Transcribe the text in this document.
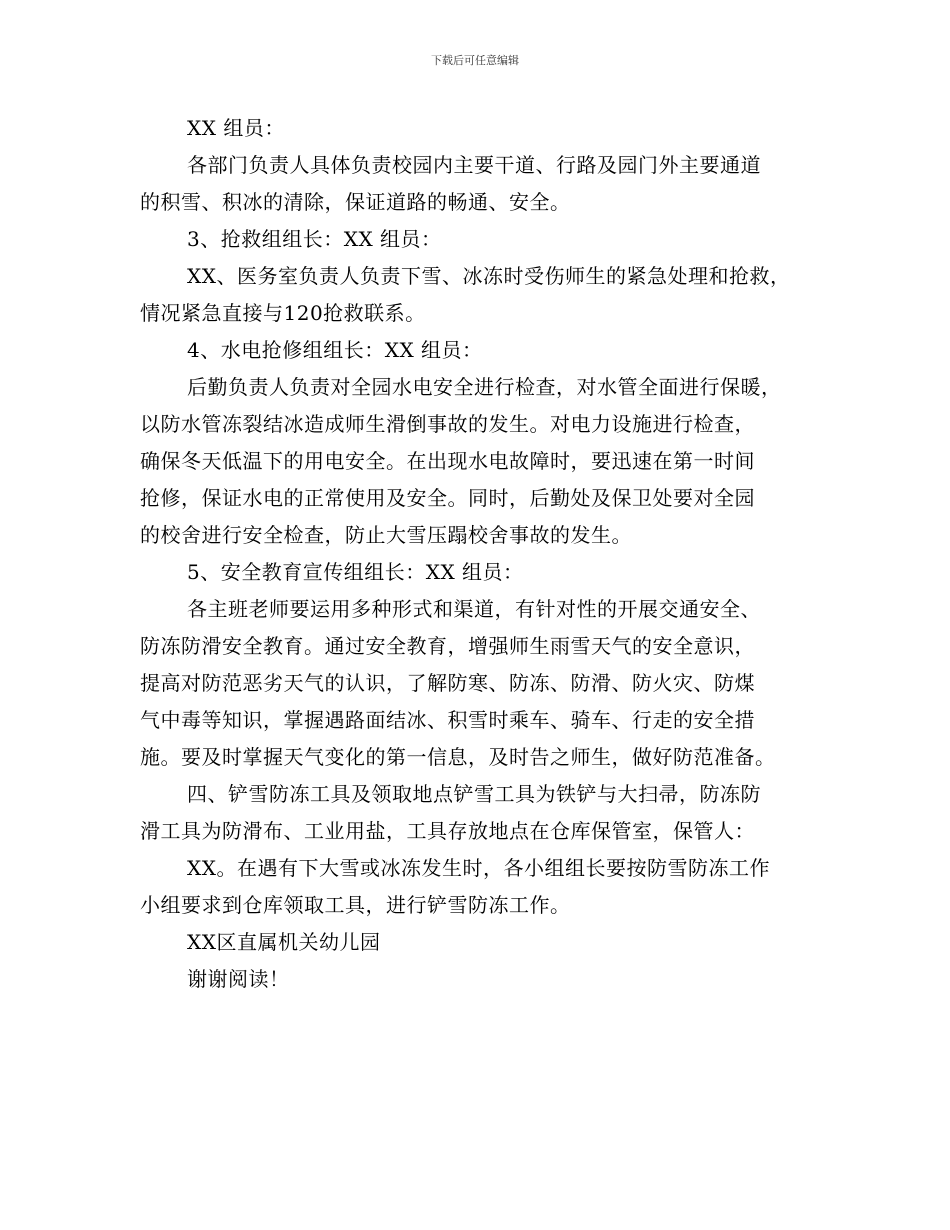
下载后可任意编辑
XX 组员：
各部门负责人具体负责校园内主要干道、行路及园门外主要通道
的积雪、积冰的清除，保证道路的畅通、安全。
3、抢救组组长：XX 组员：
XX、医务室负责人负责下雪、冰冻时受伤师生的紧急处理和抢救，
情况紧急直接与120抢救联系。
4、水电抢修组组长：XX 组员：
后勤负责人负责对全园水电安全进行检查，对水管全面进行保暖，
以防水管冻裂结冰造成师生滑倒事故的发生。对电力设施进行检查，
确保冬天低温下的用电安全。在出现水电故障时，要迅速在第一时间
抢修，保证水电的正常使用及安全。同时，后勤处及保卫处要对全园
的校舍进行安全检查，防止大雪压蹋校舍事故的发生。
5、安全教育宣传组组长：XX 组员：
各主班老师要运用多种形式和渠道，有针对性的开展交通安全、
防冻防滑安全教育。通过安全教育，增强师生雨雪天气的安全意识，
提高对防范恶劣天气的认识，了解防寒、防冻、防滑、防火灾、防煤
气中毒等知识，掌握遇路面结冰、积雪时乘车、骑车、行走的安全措
施。要及时掌握天气变化的第一信息，及时告之师生，做好防范准备。
四、铲雪防冻工具及领取地点铲雪工具为铁铲与大扫帚，防冻防
滑工具为防滑布、工业用盐，工具存放地点在仓库保管室，保管人：
XX。在遇有下大雪或冰冻发生时，各小组组长要按防雪防冻工作
小组要求到仓库领取工具，进行铲雪防冻工作。
XX区直属机关幼儿园
谢谢阅读！
